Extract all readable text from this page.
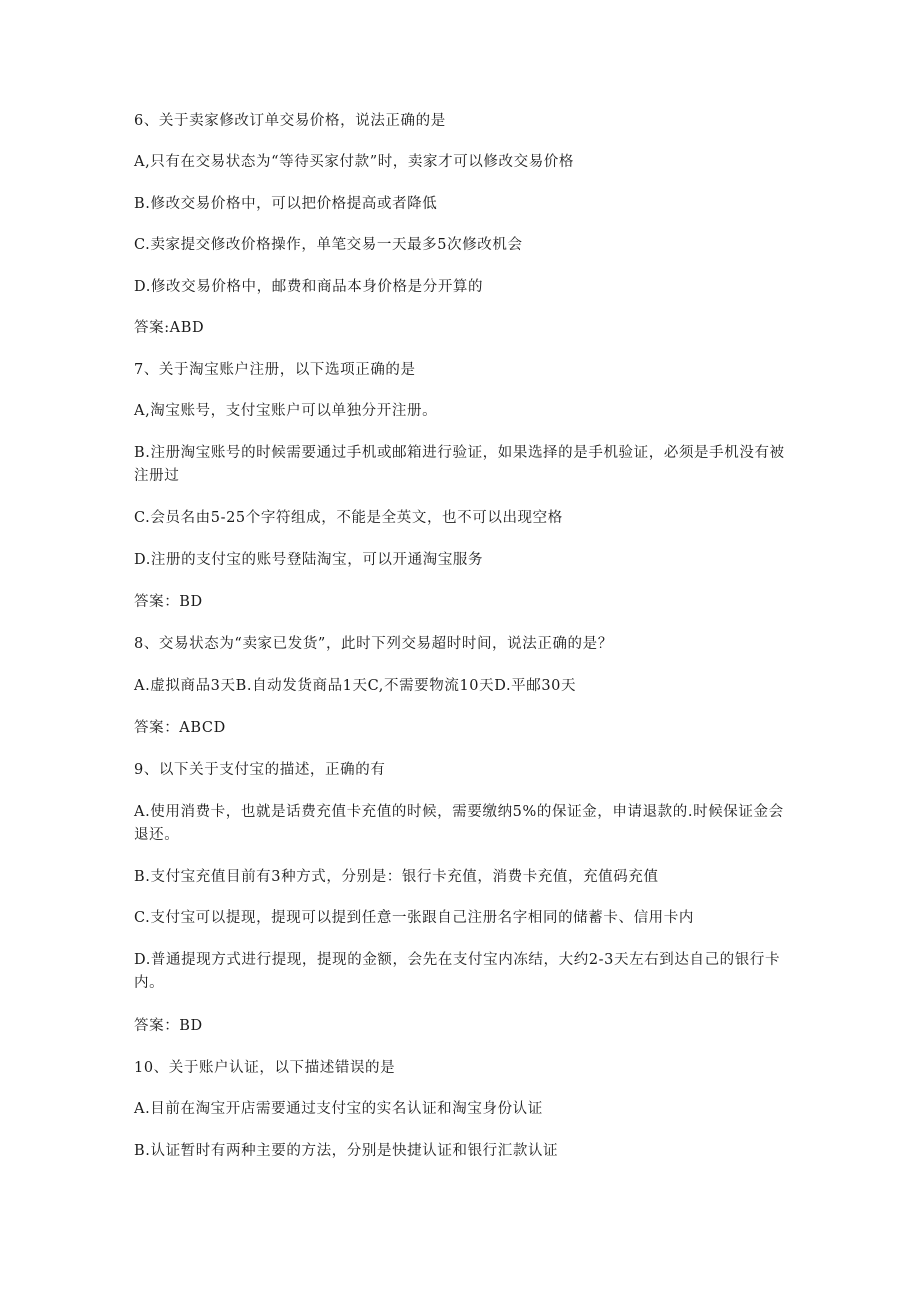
6、关于卖家修改订单交易价格，说法正确的是
A,只有在交易状态为“等待买家付款”时，卖家才可以修改交易价格
B.修改交易价格中，可以把价格提高或者降低
C.卖家提交修改价格操作，单笔交易一天最多5次修改机会
D.修改交易价格中，邮费和商品本身价格是分开算的
答案:ABD
7、关于淘宝账户注册，以下选项正确的是
A,淘宝账号，支付宝账户可以单独分开注册。
B.注册淘宝账号的时候需要通过手机或邮箱进行验证，如果选择的是手机验证，必须是手机没有被注册过
C.会员名由5-25个字符组成，不能是全英文，也不可以出现空格
D.注册的支付宝的账号登陆淘宝，可以开通淘宝服务
答案：BD
8、交易状态为“卖家已发货”，此时下列交易超时时间，说法正确的是？
A.虚拟商品3天B.自动发货商品1天C,不需要物流10天D.平邮30天
答案：ABCD
9、以下关于支付宝的描述，正确的有
A.使用消费卡，也就是话费充值卡充值的时候，需要缴纳5%的保证金，申请退款的.时候保证金会退还。
B.支付宝充值目前有3种方式，分别是：银行卡充值，消费卡充值，充值码充值
C.支付宝可以提现，提现可以提到任意一张跟自己注册名字相同的储蓄卡、信用卡内
D.普通提现方式进行提现，提现的金额，会先在支付宝内冻结，大约2-3天左右到达自己的银行卡内。
答案：BD
10、关于账户认证，以下描述错误的是
A.目前在淘宝开店需要通过支付宝的实名认证和淘宝身份认证
B.认证暂时有两种主要的方法，分别是快捷认证和银行汇款认证
